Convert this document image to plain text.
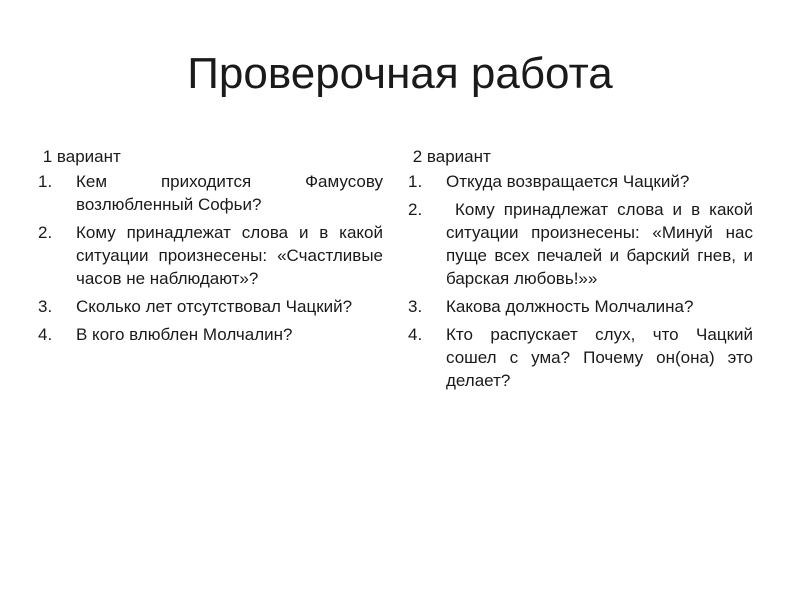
Проверочная работа
1 вариант
1.	Кем приходится Фамусову возлюбленный Софьи?
2.	Кому принадлежат слова и в какой ситуации произнесены: «Счастливые часов не наблюдают»?
3.	Сколько лет отсутствовал Чацкий?
4.	В кого влюблен Молчалин?
2 вариант
1.	Откуда возвращается Чацкий?
2.	Кому принадлежат слова и в какой ситуации произнесены: «Минуй нас пуще всех печалей и барский гнев, и барская любовь!»»
3.	Какова должность Молчалина?
4.	Кто распускает слух, что Чацкий сошел с ума? Почему он(она) это делает?
